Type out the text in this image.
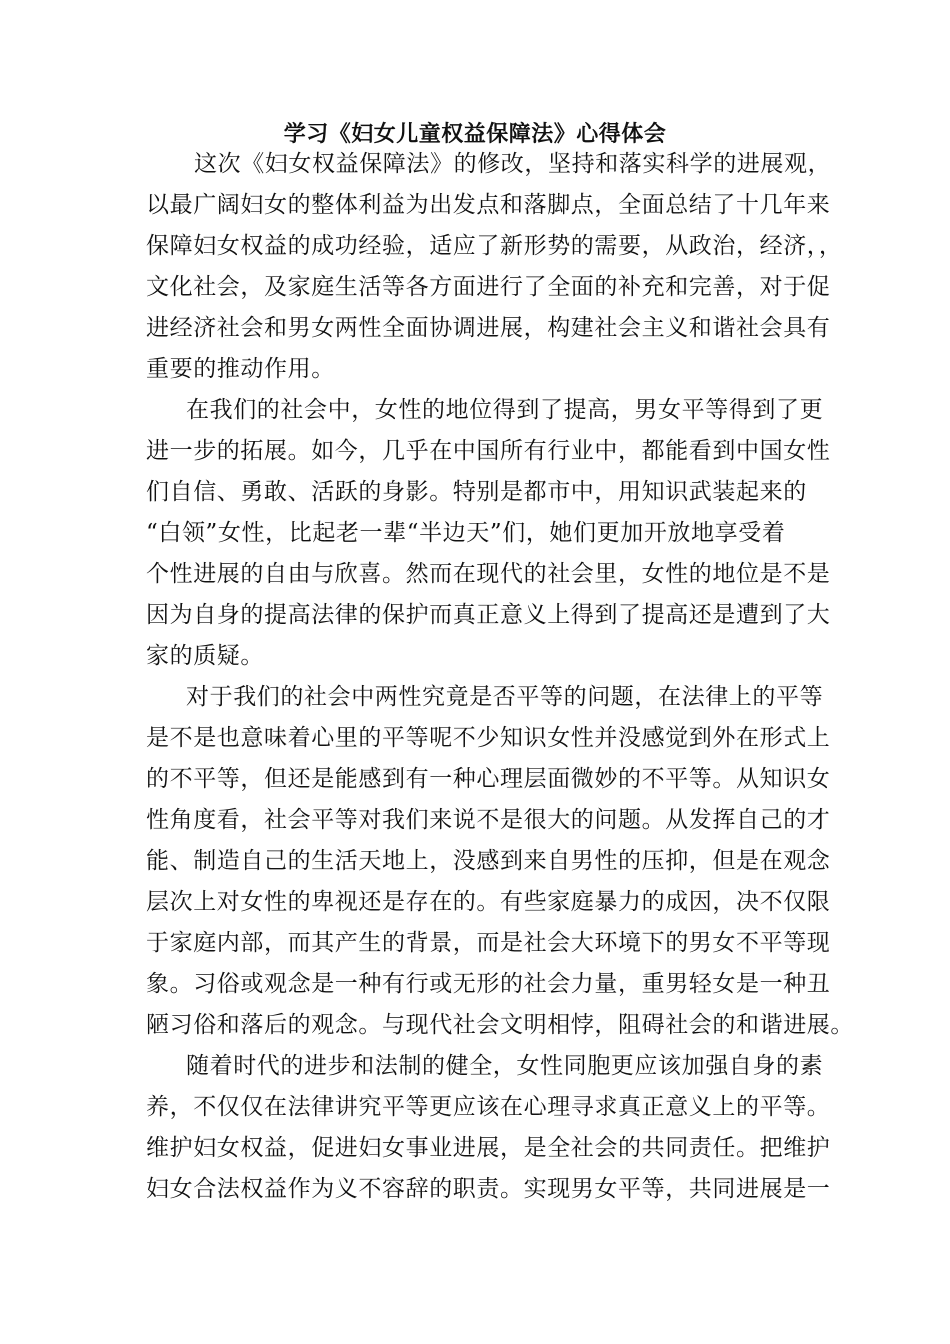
学习《妇女儿童权益保障法》心得体会
这次《妇女权益保障法》的修改，坚持和落实科学的进展观，
以最广阔妇女的整体利益为出发点和落脚点，全面总结了十几年来
保障妇女权益的成功经验，适应了新形势的需要，从政治，经济，，
文化社会，及家庭生活等各方面进行了全面的补充和完善，对于促
进经济社会和男女两性全面协调进展，构建社会主义和谐社会具有
重要的推动作用。
在我们的社会中，女性的地位得到了提高，男女平等得到了更
进一步的拓展。如今，几乎在中国所有行业中，都能看到中国女性
们自信、勇敢、活跃的身影。特别是都市中，用知识武装起来的
“白领”女性，比起老一辈“半边天”们，她们更加开放地享受着
个性进展的自由与欣喜。然而在现代的社会里，女性的地位是不是
因为自身的提高法律的保护而真正意义上得到了提高还是遭到了大
家的质疑。
对于我们的社会中两性究竟是否平等的问题，在法律上的平等
是不是也意味着心里的平等呢不少知识女性并没感觉到外在形式上
的不平等，但还是能感到有一种心理层面微妙的不平等。从知识女
性角度看，社会平等对我们来说不是很大的问题。从发挥自己的才
能、制造自己的生活天地上，没感到来自男性的压抑，但是在观念
层次上对女性的卑视还是存在的。有些家庭暴力的成因，决不仅限
于家庭内部，而其产生的背景，而是社会大环境下的男女不平等现
象。习俗或观念是一种有行或无形的社会力量，重男轻女是一种丑
陋习俗和落后的观念。与现代社会文明相悖，阻碍社会的和谐进展。
随着时代的进步和法制的健全，女性同胞更应该加强自身的素
养，不仅仅在法律讲究平等更应该在心理寻求真正意义上的平等。
维护妇女权益，促进妇女事业进展，是全社会的共同责任。把维护
妇女合法权益作为义不容辞的职责。实现男女平等，共同进展是一
